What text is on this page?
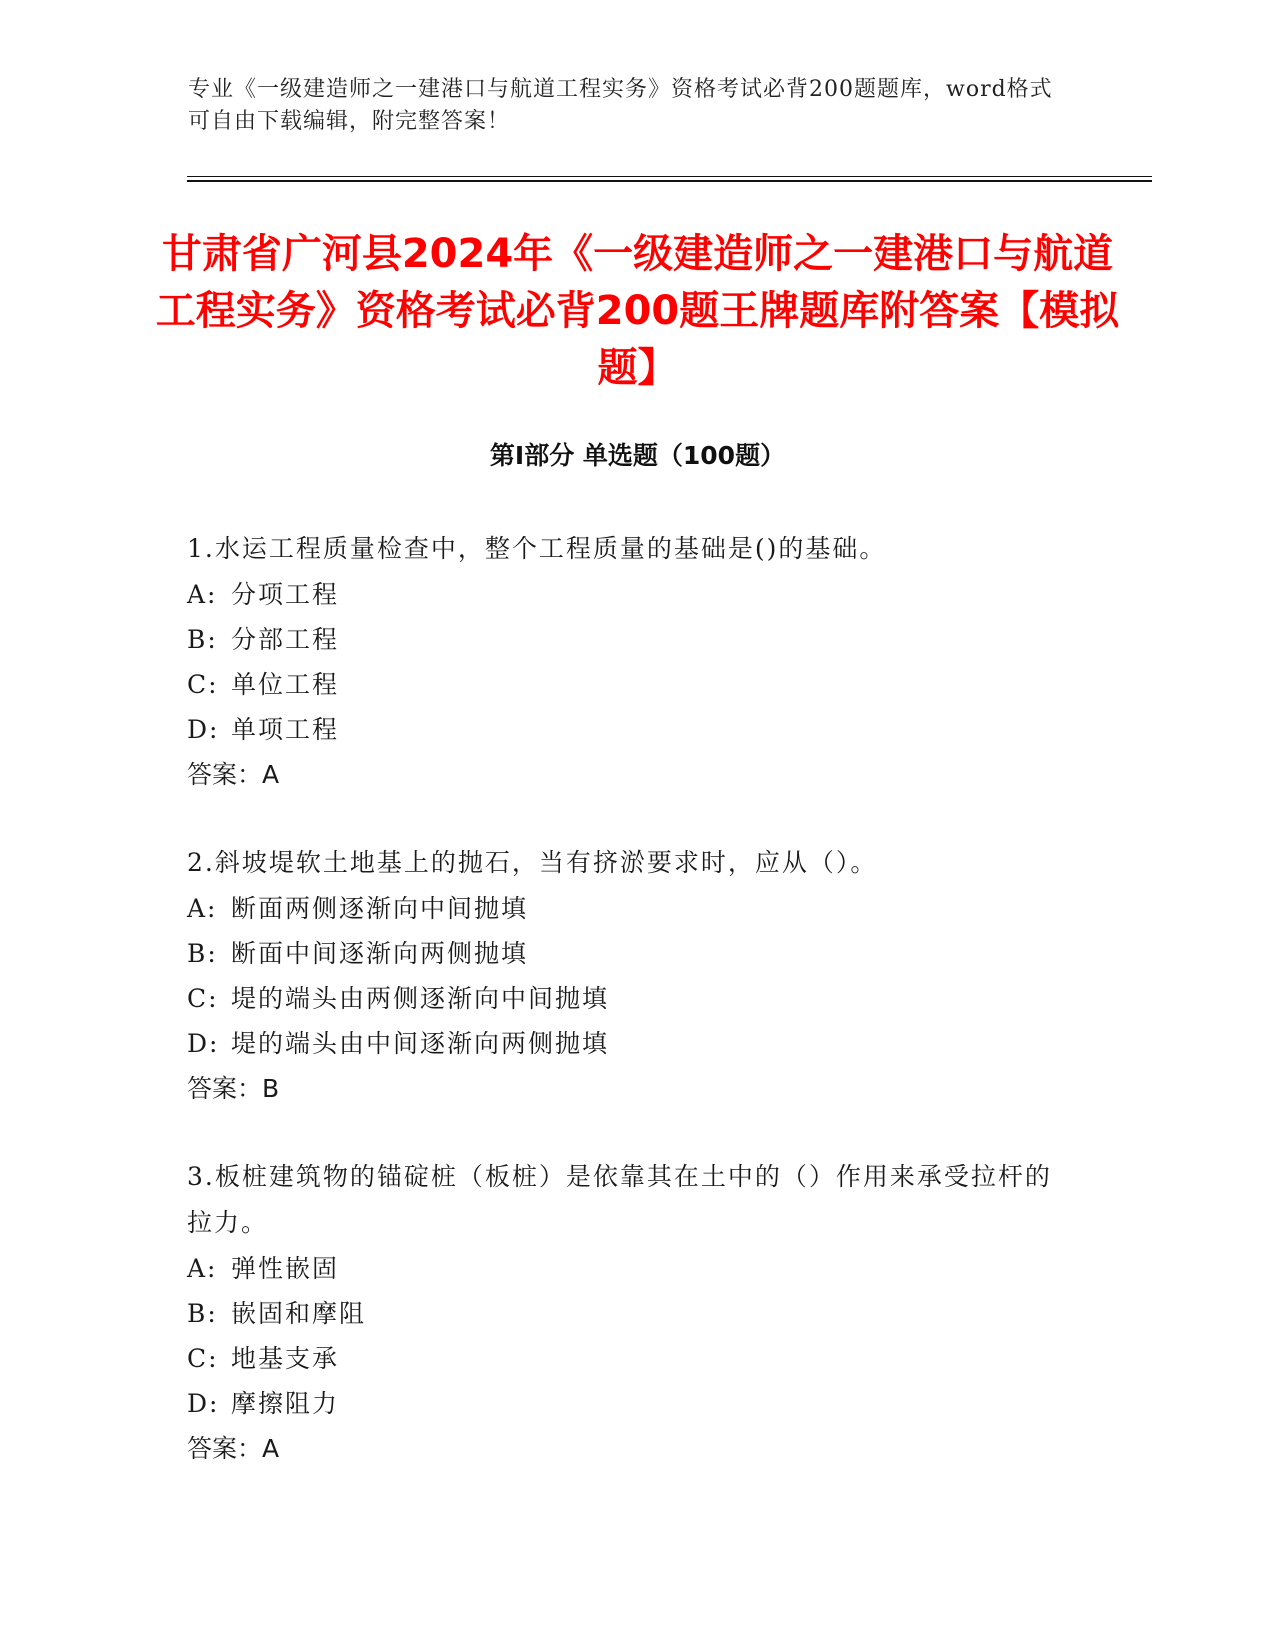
专业《一级建造师之一建港口与航道工程实务》资格考试必背200题题库，word格式可自由下载编辑，附完整答案！
甘肃省广河县2024年《一级建造师之一建港口与航道工程实务》资格考试必背200题王牌题库附答案【模拟题】
第I部分 单选题（100题）

1.水运工程质量检查中，整个工程质量的基础是()的基础。

A: 分项工程

B: 分部工程

C: 单位工程

D: 单项工程

答案：A

2.斜坡堤软土地基上的抛石，当有挤淤要求时，应从（）。

A: 断面两侧逐渐向中间抛填

B: 断面中间逐渐向两侧抛填

C: 堤的端头由两侧逐渐向中间抛填

D: 堤的端头由中间逐渐向两侧抛填

答案：B

3.板桩建筑物的锚碇桩（板桩）是依靠其在土中的（）作用来承受拉杆的拉力。

A: 弹性嵌固

B: 嵌固和摩阻

C: 地基支承

D: 摩擦阻力

答案：A
